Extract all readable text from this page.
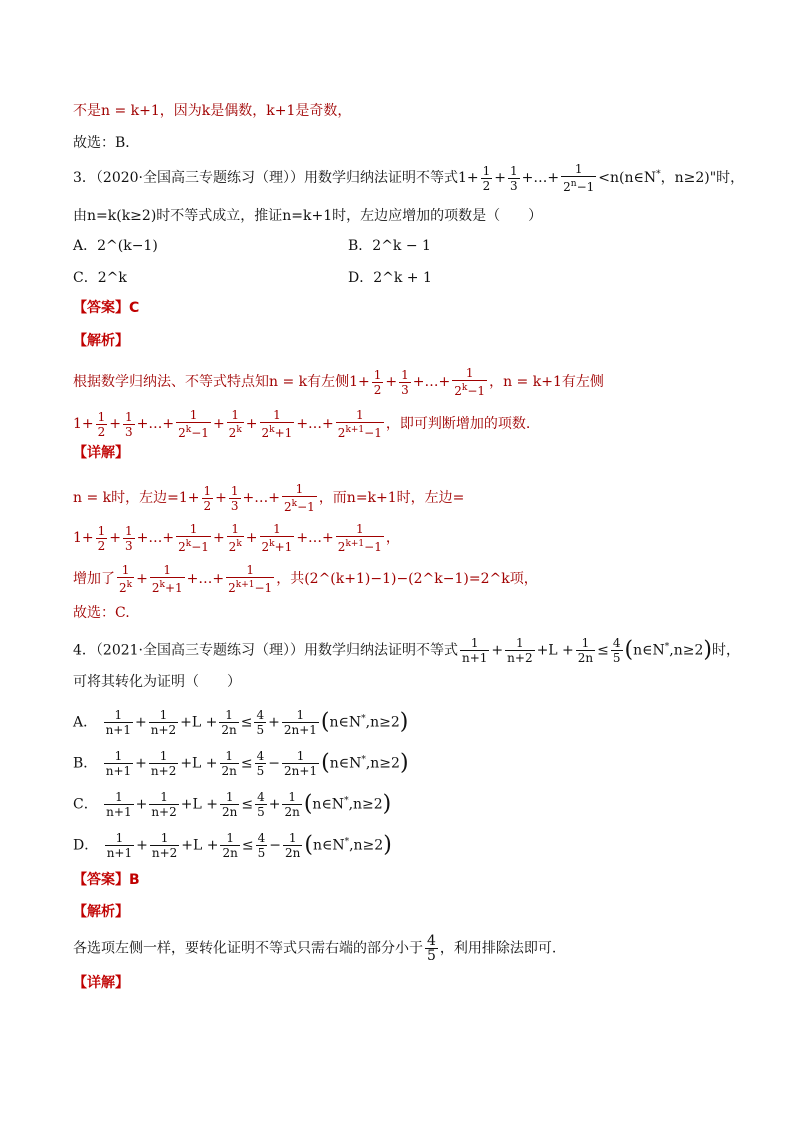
不是n = k+1，因为k是偶数，k+1是奇数，
故选：B．
3．（2020·全国高三专题练习（理））用数学归纳法证明不等式$1+ \frac{1}{2} + \frac{1}{3}$ +…+ $\frac{1}{2^n-1}$ <n(n∈N*，n≥2)"时，
由n=k(k≥2)时不等式成立，推证n=k+1时，左边应增加的项数是（　　）
A．2^(k−1)	B．2^k − 1
C．2^k	D．2^k + 1
【答案】C
【解析】
根据数学归纳法、不等式特点知n = k有左侧$1+ \frac{1}{2} + \frac{1}{3}$ +…+ $\frac{1}{2^k-1}$ ，n = k+1有左侧
$1+ \frac{1}{2} + \frac{1}{3}$ +…+ $\frac{1}{2^k-1} + \frac{1}{2^k} + \frac{1}{2^k+1}$ +…+ $\frac{1}{2^{k+1}-1}$ ，即可判断增加的项数.
【详解】
n = k时，左边$=1+ \frac{1}{2} + \frac{1}{3}$ +…+ $\frac{1}{2^k-1}$ ，而n=k+1时，左边=
$1+ \frac{1}{2} + \frac{1}{3}$ +…+ $\frac{1}{2^k-1} + \frac{1}{2^k} + \frac{1}{2^k+1}$ +…+ $\frac{1}{2^{k+1}-1}$ ，
增加了 $\frac{1}{2^k} + \frac{1}{2^k+1}$ +…+ $\frac{1}{2^{k+1}-1}$ ，共(2^(k+1)−1)−(2^k−1)=2^k项，
故选：C.
4．（2021·全国高三专题练习（理））用数学归纳法证明不等式 $\frac{1}{n+1} + \frac{1}{n+2} +L + \frac{1}{2n} \le \frac{4}{5}$ (n∈N*,n≥2)时，
可将其转化为证明（　　）
A． $\frac{1}{n+1} + \frac{1}{n+2} +L + \frac{1}{2n} \le \frac{4}{5} + \frac{1}{2n+1}$ (n∈N*,n≥2)
B． $\frac{1}{n+1} + \frac{1}{n+2} +L + \frac{1}{2n} \le \frac{4}{5} - \frac{1}{2n+1}$ (n∈N*,n≥2)
C． $\frac{1}{n+1} + \frac{1}{n+2} +L + \frac{1}{2n} \le \frac{4}{5} + \frac{1}{2n}$ (n∈N*,n≥2)
D． $\frac{1}{n+1} + \frac{1}{n+2} +L + \frac{1}{2n} \le \frac{4}{5} - \frac{1}{2n}$ (n∈N*,n≥2)
【答案】B
【解析】
各选项左侧一样，要转化证明不等式只需右端的部分小于 $\frac{4}{5}$ ，利用排除法即可.
【详解】
